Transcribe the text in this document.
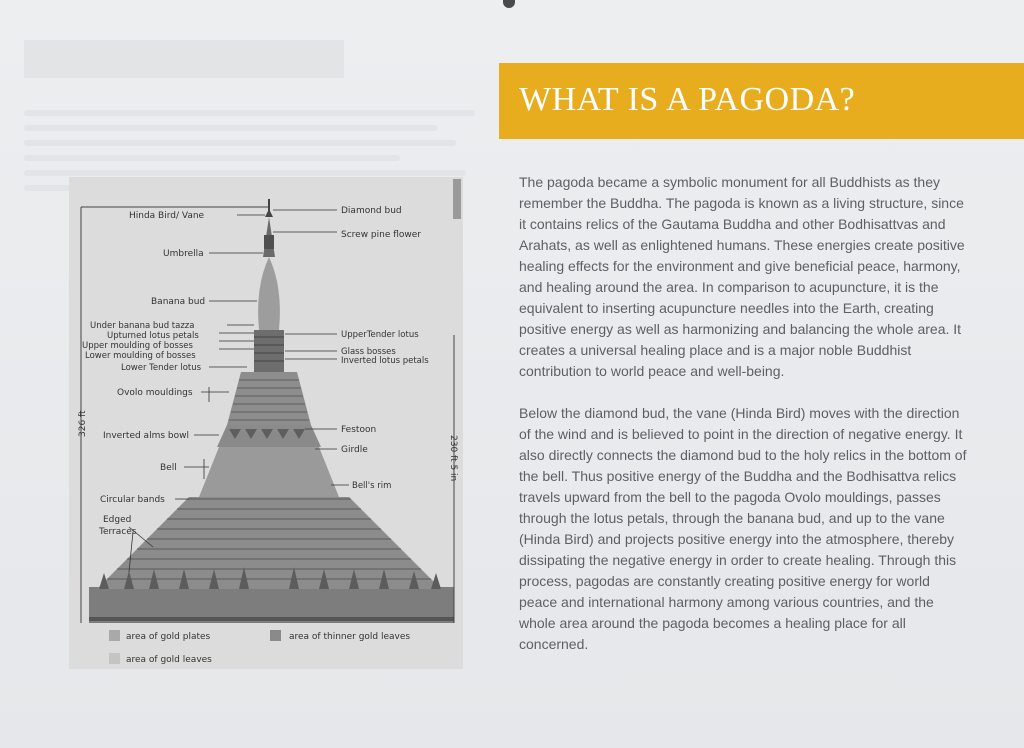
WHAT IS A PAGODA?

The pagoda became a symbolic monument for all Buddhists as they remember the Buddha. The pagoda is known as a living structure, since it contains relics of the Gautama Buddha and other Bodhisattvas and Arahats, as well as enlightened humans. These energies create positive healing effects for the environment and give beneficial peace, harmony, and healing around the area. In comparison to acupuncture, it is the equivalent to inserting acupuncture needles into the Earth, creating positive energy as well as harmonizing and balancing the whole area. It creates a universal healing place and is a major noble Buddhist contribution to world peace and well-being.

Below the diamond bud, the vane (Hinda Bird) moves with the direction of the wind and is believed to point in the direction of negative energy. It also directly connects the diamond bud to the holy relics in the bottom of the bell. Thus positive energy of the Buddha and the Bodhisattva relics travels upward from the bell to the pagoda Ovolo mouldings, passes through the lotus petals, through the banana bud, and up to the vane (Hinda Bird) and projects positive energy into the atmosphere, thereby dissipating the negative energy in order to create healing. Through this process, pagodas are constantly creating positive energy for world peace and international harmony among various countries, and the whole area around the pagoda becomes a healing place for all concerned.

326 ft
230 ft 5 in
Hinda Bird/ Vane
Umbrella
Banana bud
Under banana bud tazza
Upturned lotus petals
Upper moulding of bosses
Lower moulding of bosses
Lower Tender lotus
Ovolo mouldings
Inverted alms bowl
Bell
Circular bands
Edged
Terraces
Diamond bud
Screw pine flower
UpperTender lotus
Glass bosses
Inverted lotus petals
Festoon
Girdle
Bell's rim
area of gold plates	area of thinner gold leaves
area of gold leaves
